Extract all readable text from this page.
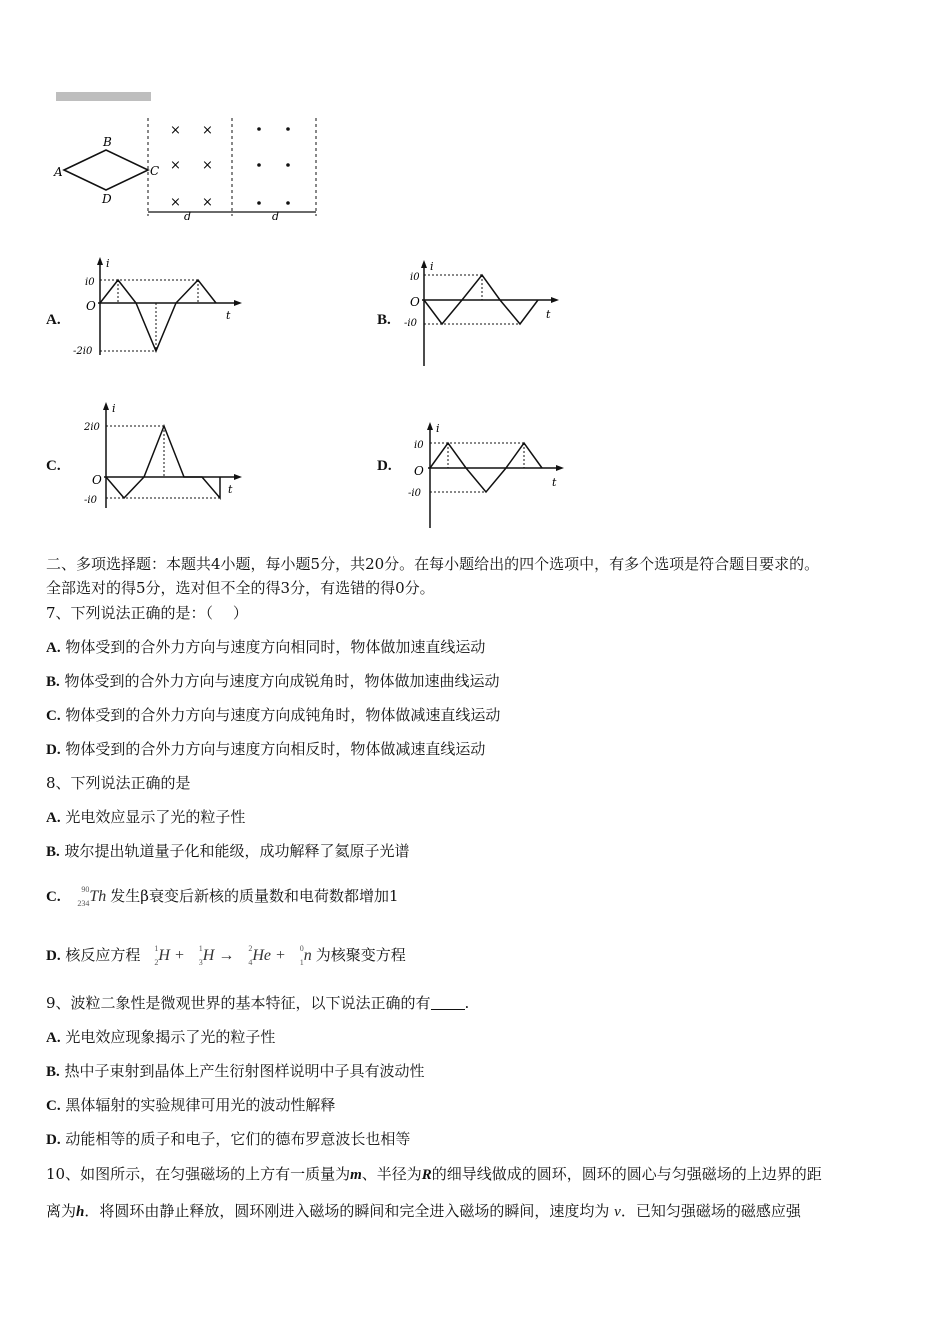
A
B
C
D
× ×
× ×
× ×
d	d
A.
i
t
O
i0
-2i0
B.
i
t
O
i0
-i0
C.
i
t
O
2i0
-i0
D.
i
t
O
i0
-i0
二、多项选择题：本题共4小题，每小题5分，共20分。在每小题给出的四个选项中，有多个选项是符合题目要求的。
全部选对的得5分，选对但不全的得3分，有选错的得0分。
7、下列说法正确的是：（　 ）
A. 物体受到的合外力方向与速度方向相同时，物体做加速直线运动
B. 物体受到的合外力方向与速度方向成锐角时，物体做加速曲线运动
C. 物体受到的合外力方向与速度方向成钝角时，物体做减速直线运动
D. 物体受到的合外力方向与速度方向相反时，物体做减速直线运动
8、下列说法正确的是
A. 光电效应显示了光的粒子性
B. 玻尔提出轨道量子化和能级，成功解释了氦原子光谱
C. 234
90 Th 发生β衰变后新核的质量数和电荷数都增加1
D. 核反应方程 2
1 H + 3
1 H → 4
2 He + 1
0 n 为核聚变方程
9、波粒二象性是微观世界的基本特征，以下说法正确的有 .
A. 光电效应现象揭示了光的粒子性
B. 热中子束射到晶体上产生衍射图样说明中子具有波动性
C. 黑体辐射的实验规律可用光的波动性解释
D. 动能相等的质子和电子，它们的德布罗意波长也相等
10、如图所示，在匀强磁场的上方有一质量为m、半径为R的细导线做成的圆环，圆环的圆心与匀强磁场的上边界的距
离为h．将圆环由静止释放，圆环刚进入磁场的瞬间和完全进入磁场的瞬间，速度均为 v．已知匀强磁场的磁感应强
